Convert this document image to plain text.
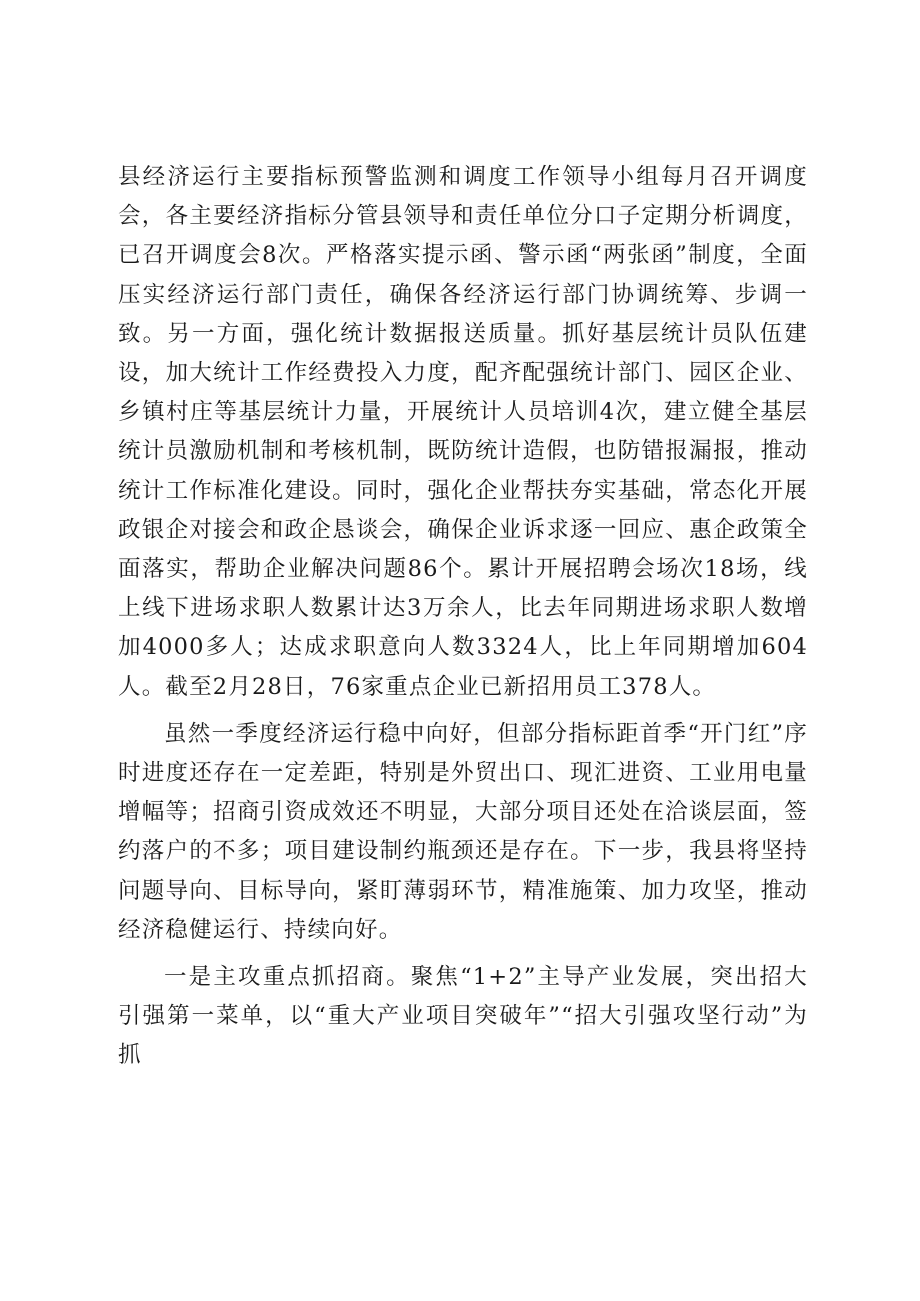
县经济运行主要指标预警监测和调度工作领导小组每月召开调度会，各主要经济指标分管县领导和责任单位分口子定期分析调度，已召开调度会8次。严格落实提示函、警示函“两张函”制度，全面压实经济运行部门责任，确保各经济运行部门协调统筹、步调一致。另一方面，强化统计数据报送质量。抓好基层统计员队伍建设，加大统计工作经费投入力度，配齐配强统计部门、园区企业、乡镇村庄等基层统计力量，开展统计人员培训4次，建立健全基层统计员激励机制和考核机制，既防统计造假，也防错报漏报，推动统计工作标准化建设。同时，强化企业帮扶夯实基础，常态化开展政银企对接会和政企恳谈会，确保企业诉求逐一回应、惠企政策全面落实，帮助企业解决问题86个。累计开展招聘会场次18场，线上线下进场求职人数累计达3万余人，比去年同期进场求职人数增加4000多人；达成求职意向人数3324人，比上年同期增加604人。截至2月28日，76家重点企业已新招用员工378人。

虽然一季度经济运行稳中向好，但部分指标距首季“开门红”序时进度还存在一定差距，特别是外贸出口、现汇进资、工业用电量增幅等；招商引资成效还不明显，大部分项目还处在洽谈层面，签约落户的不多；项目建设制约瓶颈还是存在。下一步，我县将坚持问题导向、目标导向，紧盯薄弱环节，精准施策、加力攻坚，推动经济稳健运行、持续向好。

一是主攻重点抓招商。聚焦“1+2”主导产业发展，突出招大引强第一菜单，以“重大产业项目突破年”“招大引强攻坚行动”为抓
